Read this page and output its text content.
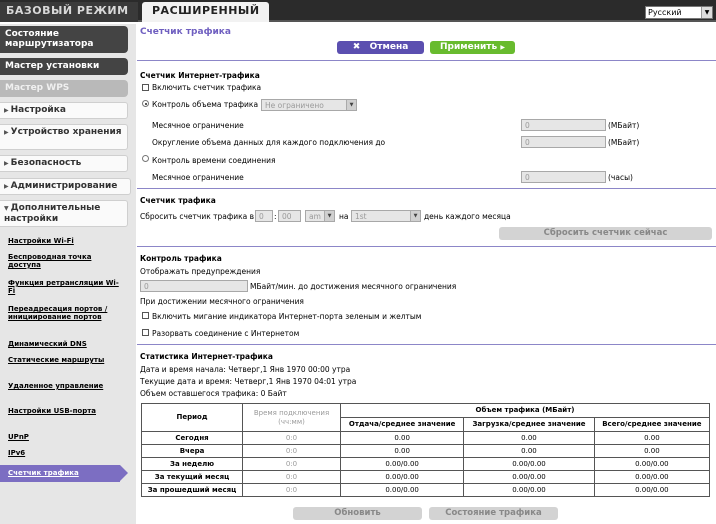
БАЗОВЫЙ РЕЖИМ	РАСШИРЕННЫЙ	Русский	▼
Состояние маршрутизатора
Мастер установки
Мастер WPS
▶ Настройка
▶ Устройство хранения
▶ Безопасность
▶ Администрирование
▼ Дополнительные настройки
Настройки Wi-Fi
Беспроводная точка доступа
Функция ретрансляции Wi-Fi
Переадресация портов / инициирование портов
Динамический DNS
Статические маршруты
Удаленное управление
Настройки USB-порта
UPnP
IPv6
Счетчик трафика
Счетчик трафика
✖ Отмена	Применить ▶
Счетчик Интернет-трафика
Включить счетчик трафика
Контроль объема трафика Не ограничено	▼
Месячное ограничение	0	(МБайт)
Округление объема данных для каждого подключения до	0	(МБайт)
Контроль времени соединения
Месячное ограничение	0	(часы)
Счетчик трафика
Сбросить счетчик трафика в 0	: 00	am	▼	на 1st	▼ день каждого месяца
Сбросить счетчик сейчас
Контроль трафика
Отображать предупреждения
0	МБайт/мин. до достижения месячного ограничения
При достижении месячного ограничения
Включить мигание индикатора Интернет-порта зеленым и желтым
Разорвать соединение с Интернетом
Статистика Интернет-трафика
Дата и время начала: Четверг,1 Янв 1970 00:00 утра
Текущие дата и время: Четверг,1 Янв 1970 04:01 утра
Объем оставшегося трафика: 0 Байт
Период	Время подключения (чч:мм)	Объем трафика (МБайт)		
		Отдача/среднее значение	Загрузка/среднее значение	Всего/среднее значение
Сегодня	0:0	0.00	0.00	0.00
Вчера	0:0	0.00	0.00	0.00
За неделю	0:0	0.00/0.00	0.00/0.00	0.00/0.00
За текущий месяц	0:0	0.00/0.00	0.00/0.00	0.00/0.00
За прошедший месяц	0:0	0.00/0.00	0.00/0.00	0.00/0.00
Обновить	Состояние трафика
